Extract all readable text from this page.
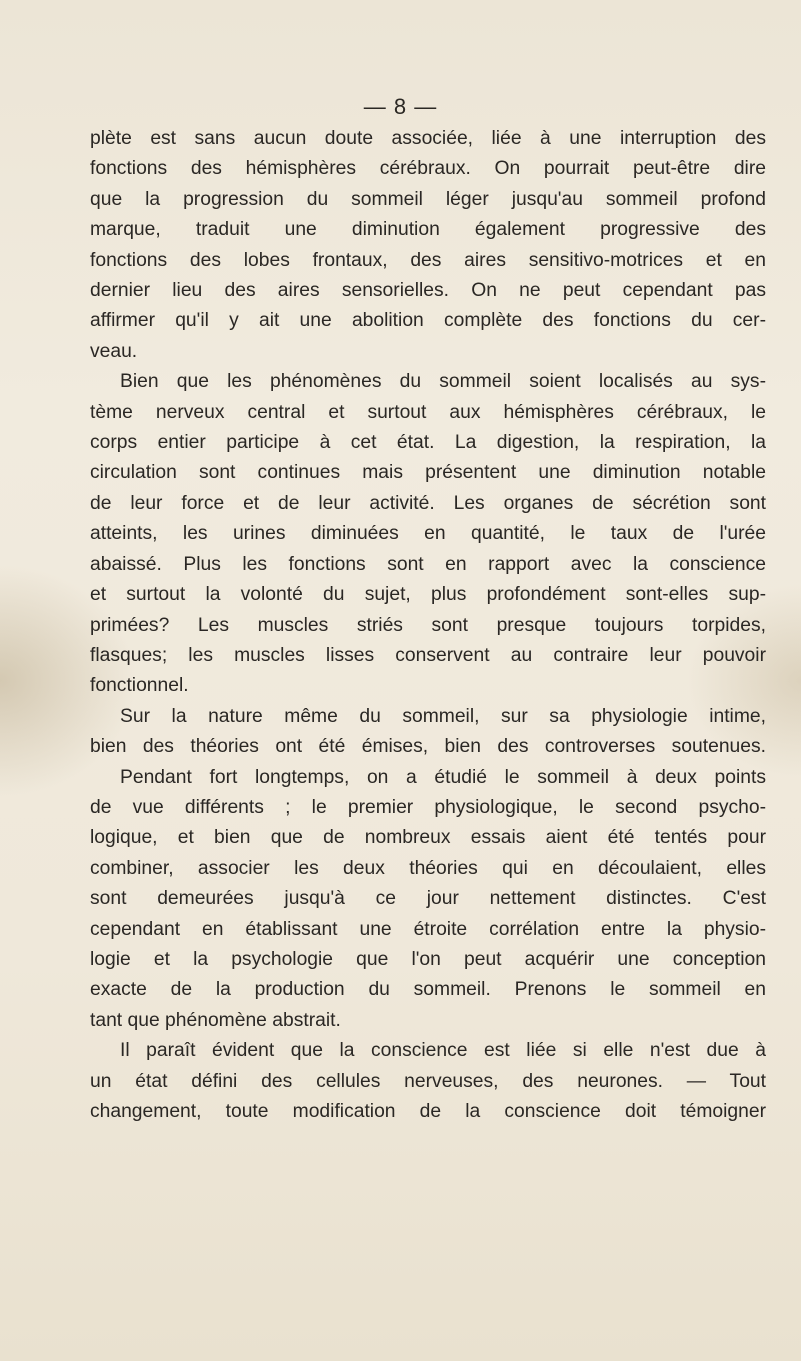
— 8 —
plète est sans aucun doute associée, liée à une interruption des
fonctions des hémisphères cérébraux. On pourrait peut-être dire
que la progression du sommeil léger jusqu'au sommeil profond
marque, traduit une diminution également progressive des
fonctions des lobes frontaux, des aires sensitivo-motrices et en
dernier lieu des aires sensorielles. On ne peut cependant pas
affirmer qu'il y ait une abolition complète des fonctions du cer-
veau.
Bien que les phénomènes du sommeil soient localisés au sys-
tème nerveux central et surtout aux hémisphères cérébraux, le
corps entier participe à cet état. La digestion, la respiration, la
circulation sont continues mais présentent une diminution notable
de leur force et de leur activité. Les organes de sécrétion sont
atteints, les urines diminuées en quantité, le taux de l'urée
abaissé. Plus les fonctions sont en rapport avec la conscience
et surtout la volonté du sujet, plus profondément sont-elles sup-
primées? Les muscles striés sont presque toujours torpides,
flasques; les muscles lisses conservent au contraire leur pouvoir
fonctionnel.
Sur la nature même du sommeil, sur sa physiologie intime,
bien des théories ont été émises, bien des controverses soutenues.
Pendant fort longtemps, on a étudié le sommeil à deux points
de vue différents ; le premier physiologique, le second psycho-
logique, et bien que de nombreux essais aient été tentés pour
combiner, associer les deux théories qui en découlaient, elles
sont demeurées jusqu'à ce jour nettement distinctes. C'est
cependant en établissant une étroite corrélation entre la physio-
logie et la psychologie que l'on peut acquérir une conception
exacte de la production du sommeil. Prenons le sommeil en
tant que phénomène abstrait.
Il paraît évident que la conscience est liée si elle n'est due à
un état défini des cellules nerveuses, des neurones. — Tout
changement, toute modification de la conscience doit témoigner
